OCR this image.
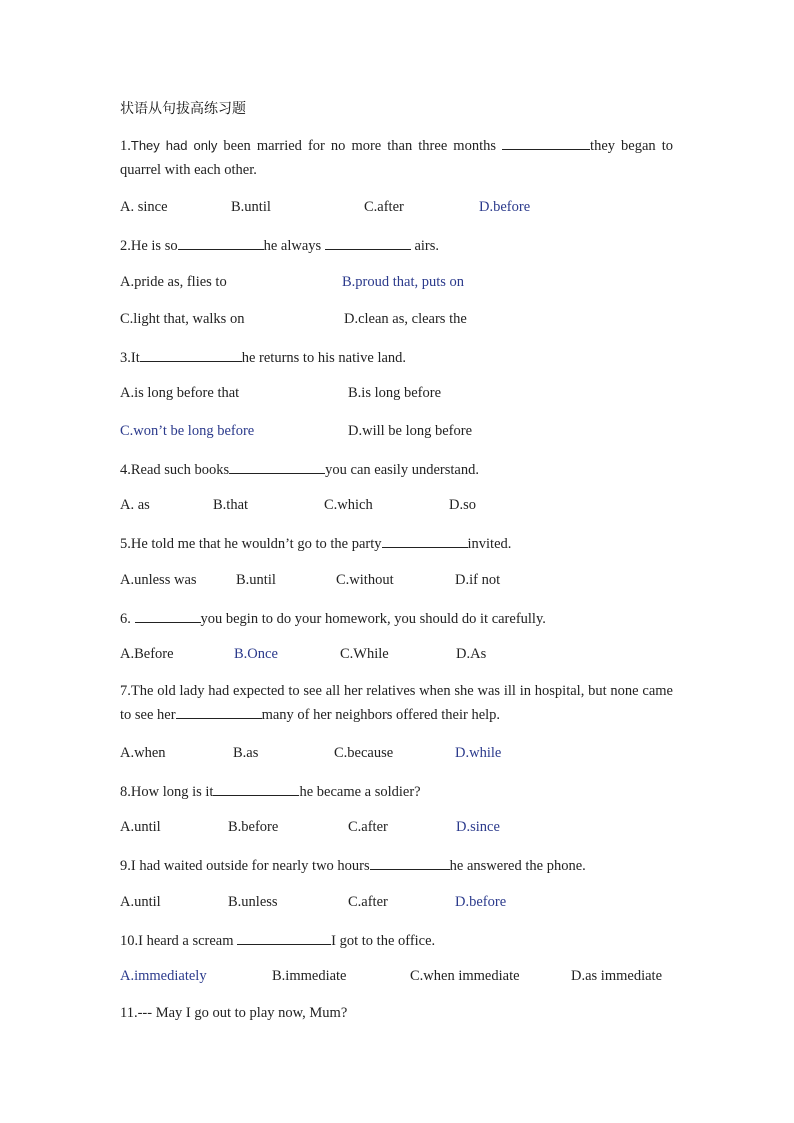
状语从句拔高练习题
1.They had only been married for no more than three months	they began to quarrel with each other.
A. since	B.until	C.after	D.before
2.He is so	he always	airs.
A.pride as, flies to	B.proud that, puts on
C.light that, walks on	D.clean as, clears the
3.It	he returns to his native land.
A.is long before that	B.is long before
C.won’t be long before	D.will be long before
4.Read such books	you can easily understand.
A. as	B.that	C.which	D.so
5.He told me that he wouldn’t go to the party	invited.
A.unless was	B.until	C.without	D.if not
6.	you begin to do your homework, you should do it carefully.
A.Before	B.Once	C.While	D.As
7.The old lady had expected to see all her relatives when she was ill in hospital, but none came to see her	many of her neighbors offered their help.
A.when	B.as	C.because	D.while
8.How long is it	he became a soldier?
A.until	B.before	C.after	D.since
9.I had waited outside for nearly two hours	he answered the phone.
A.until	B.unless	C.after	D.before
10.I heard a scream	I got to the office.
A.immediately	B.immediate	C.when immediate	D.as immediate
11.--- May I go out to play now, Mum?
